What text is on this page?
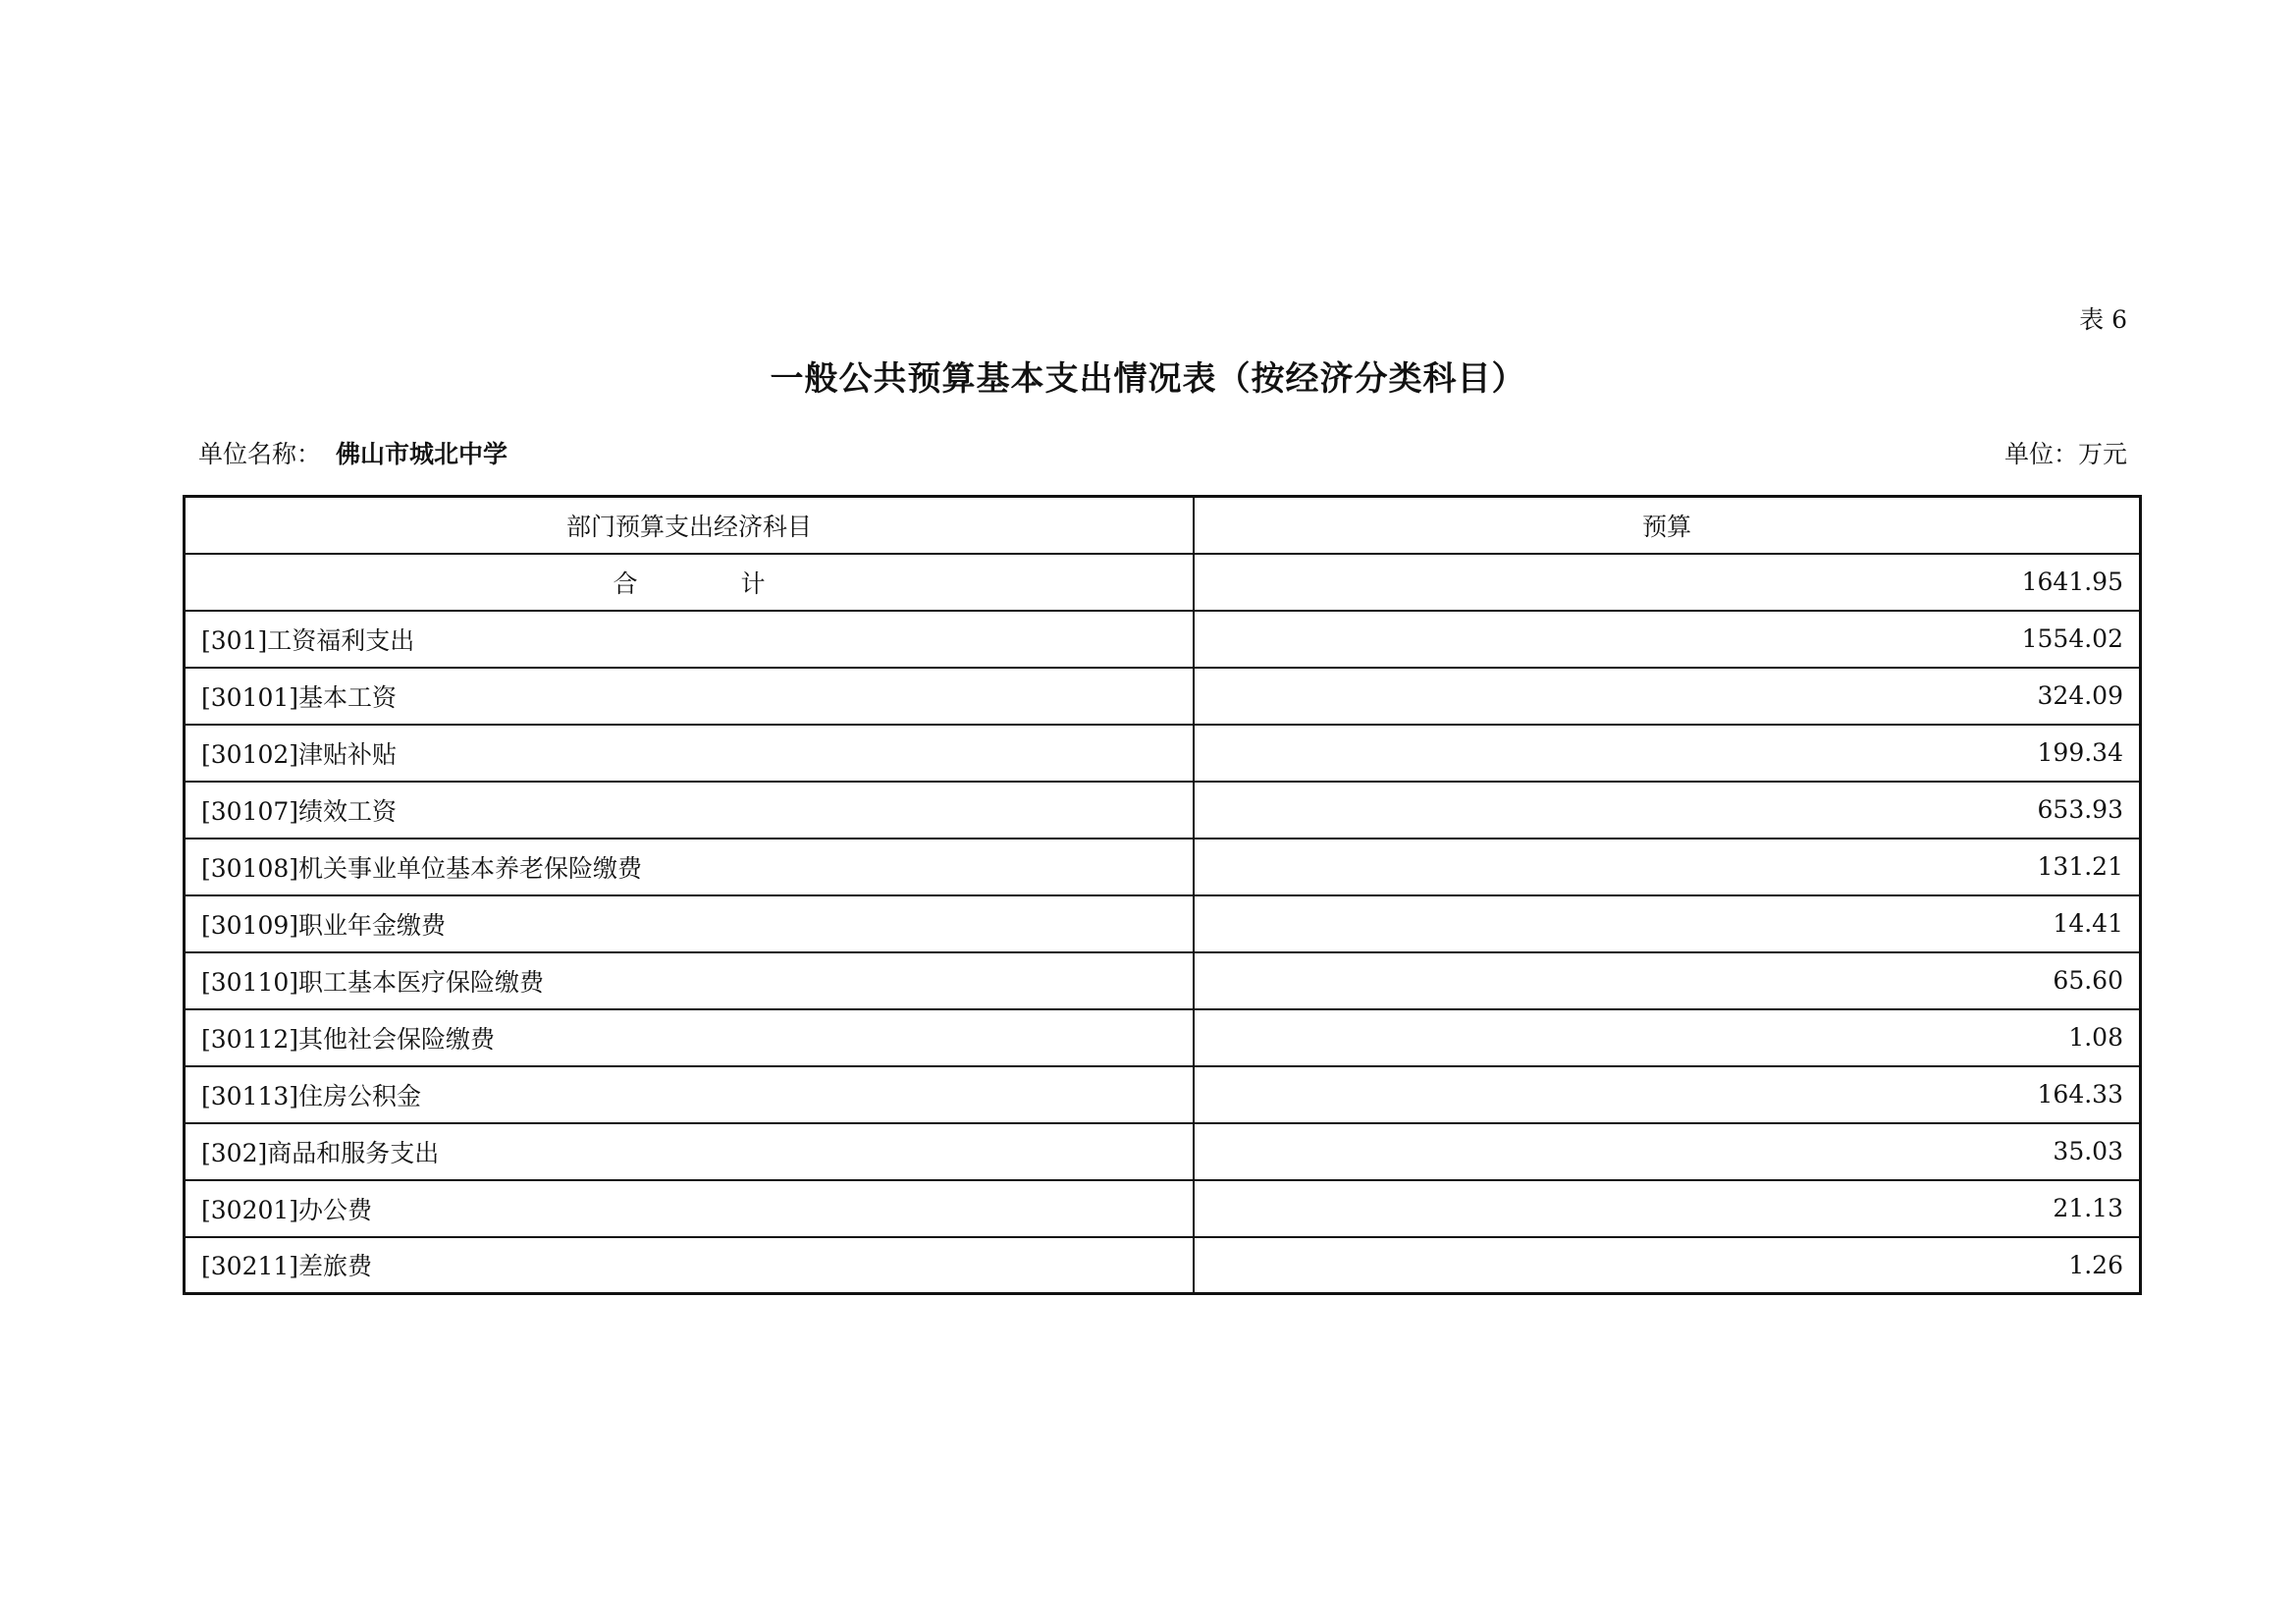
表 6
一般公共预算基本支出情况表（按经济分类科目）
单位名称： 佛山市城北中学	单位：万元
部门预算支出经济科目	预算
合　计	1641.95
[301]工资福利支出	1554.02
[30101]基本工资	324.09
[30102]津贴补贴	199.34
[30107]绩效工资	653.93
[30108]机关事业单位基本养老保险缴费	131.21
[30109]职业年金缴费	14.41
[30110]职工基本医疗保险缴费	65.60
[30112]其他社会保险缴费	1.08
[30113]住房公积金	164.33
[302]商品和服务支出	35.03
[30201]办公费	21.13
[30211]差旅费	1.26
